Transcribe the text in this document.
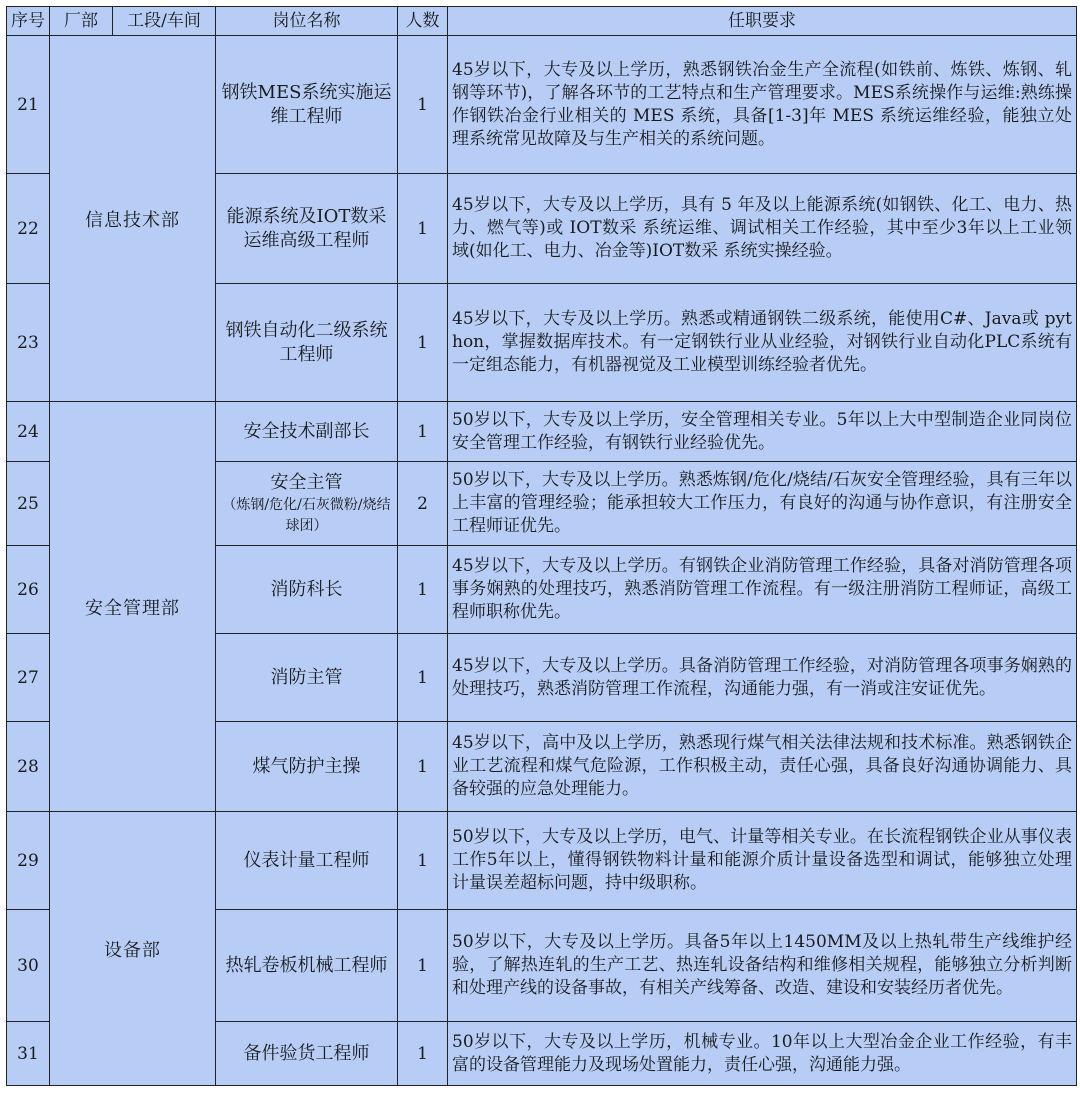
序号	厂部	工段/车间	岗位名称	人数	任职要求
21	信息技术部		钢铁MES系统实施运维工程师	1	45岁以下，大专及以上学历，熟悉钢铁冶金生产全流程(如铁前、炼铁、炼钢、轧钢等环节)，了解各环节的工艺特点和生产管理要求。MES系统操作与运维:熟练操作钢铁冶金行业相关的 MES 系统，具备[1-3]年 MES 系统运维经验，能独立处理系统常见故障及与生产相关的系统问题。
22			能源系统及IOT数采运维高级工程师	1	45岁以下，大专及以上学历，具有 5 年及以上能源系统(如钢铁、化工、电力、热力、燃气等)或 IOT数采 系统运维、调试相关工作经验，其中至少3年以上工业领域(如化工、电力、冶金等)IOT数采 系统实操经验。
23			钢铁自动化二级系统工程师	1	45岁以下，大专及以上学历。熟悉或精通钢铁二级系统，能使用C#、Java或 python，掌握数据库技术。有一定钢铁行业从业经验，对钢铁行业自动化PLC系统有一定组态能力，有机器视觉及工业模型训练经验者优先。
24	安全管理部		安全技术副部长	1	50岁以下，大专及以上学历，安全管理相关专业。5年以上大中型制造企业同岗位安全管理工作经验，有钢铁行业经验优先。
25			安全主管
（炼钢/危化/石灰微粉/烧结球团）	2	50岁以下，大专及以上学历。熟悉炼钢/危化/烧结/石灰安全管理经验，具有三年以上丰富的管理经验；能承担较大工作压力，有良好的沟通与协作意识，有注册安全工程师证优先。
26			消防科长	1	45岁以下，大专及以上学历。有钢铁企业消防管理工作经验，具备对消防管理各项事务娴熟的处理技巧，熟悉消防管理工作流程。有一级注册消防工程师证，高级工程师职称优先。
27			消防主管	1	45岁以下，大专及以上学历。具备消防管理工作经验，对消防管理各项事务娴熟的处理技巧，熟悉消防管理工作流程，沟通能力强，有一消或注安证优先。
28			煤气防护主操	1	45岁以下，高中及以上学历，熟悉现行煤气相关法律法规和技术标准。熟悉钢铁企业工艺流程和煤气危险源，工作积极主动，责任心强，具备良好沟通协调能力、具备较强的应急处理能力。
29	设备部		仪表计量工程师	1	50岁以下，大专及以上学历，电气、计量等相关专业。在长流程钢铁企业从事仪表工作5年以上，懂得钢铁物料计量和能源介质计量设备选型和调试，能够独立处理计量误差超标问题，持中级职称。
30			热轧卷板机械工程师	1	50岁以下，大专及以上学历。具备5年以上1450MM及以上热轧带生产线维护经验，了解热连轧的生产工艺、热连轧设备结构和维修相关规程，能够独立分析判断和处理产线的设备事故，有相关产线筹备、改造、建设和安装经历者优先。
31			备件验货工程师	1	50岁以下，大专及以上学历，机械专业。10年以上大型冶金企业工作经验，有丰富的设备管理能力及现场处置能力，责任心强，沟通能力强。
